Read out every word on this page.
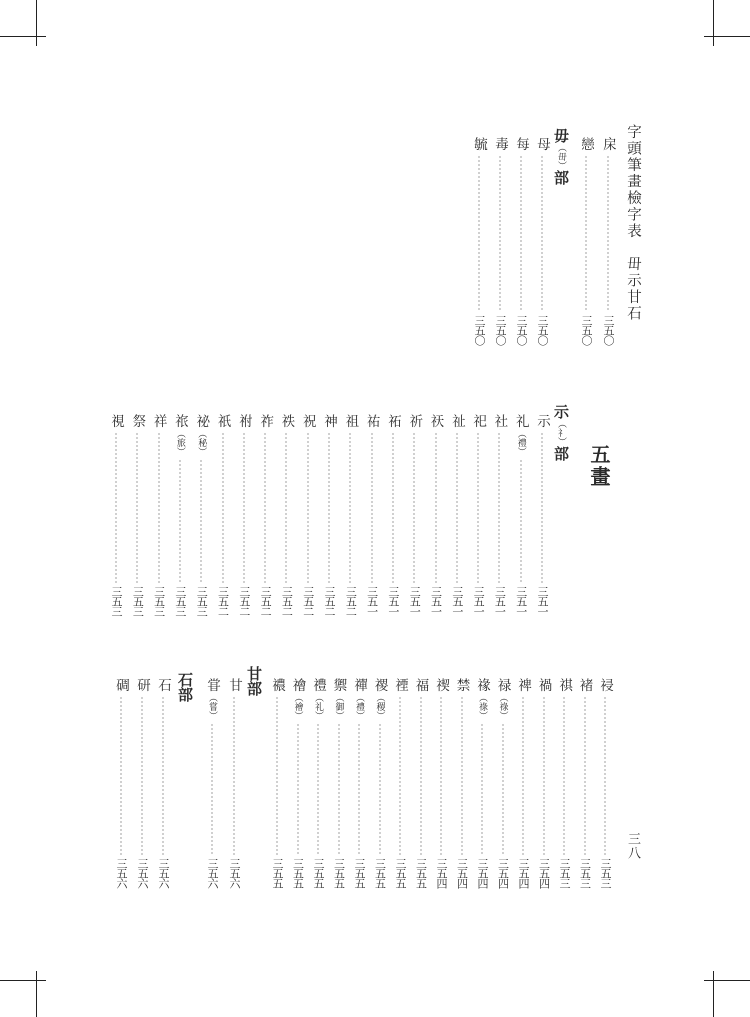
字頭筆畫檢字表　毌示甘石
三八
㦿
三五〇
戀
三五〇
毋（毌）部
母
三五〇
每
三五〇
毒
三五〇
毓
三五〇
五畫
示（礻）部
示
三五一
礼
（禮）
三五一
社
三五一
祀
三五一
祉
三五一
祆
三五一
祈
三五一
祏
三五一
祐
三五一
祖
三五二
神
三五二
祝
三五二
祑
三五二
祚
三五二
祔
三五二
祇
三五二
祕
（秘）
三五三
祣
（旅）
三五三
祥
三五三
祭
三五三
視
三五三
祲
三五三
褚
三五三
祺
三五三
禍
三五四
禆
三五四
禄
（祿）
三五四
禒
（祿）
三五四
禁
三五四
禊
三五四
福
三五五
禋
三五五
禝
（稷）
三五五
禪
（禮）
三五五
禦
（御）
三五五
禮
（礼）
三五五
禬
（襘）
三五五
禯
三五五
甘部
甘
三五六
甞
（嘗）
三五六
石部
石
三五六
研
三五六
碉
三五六
